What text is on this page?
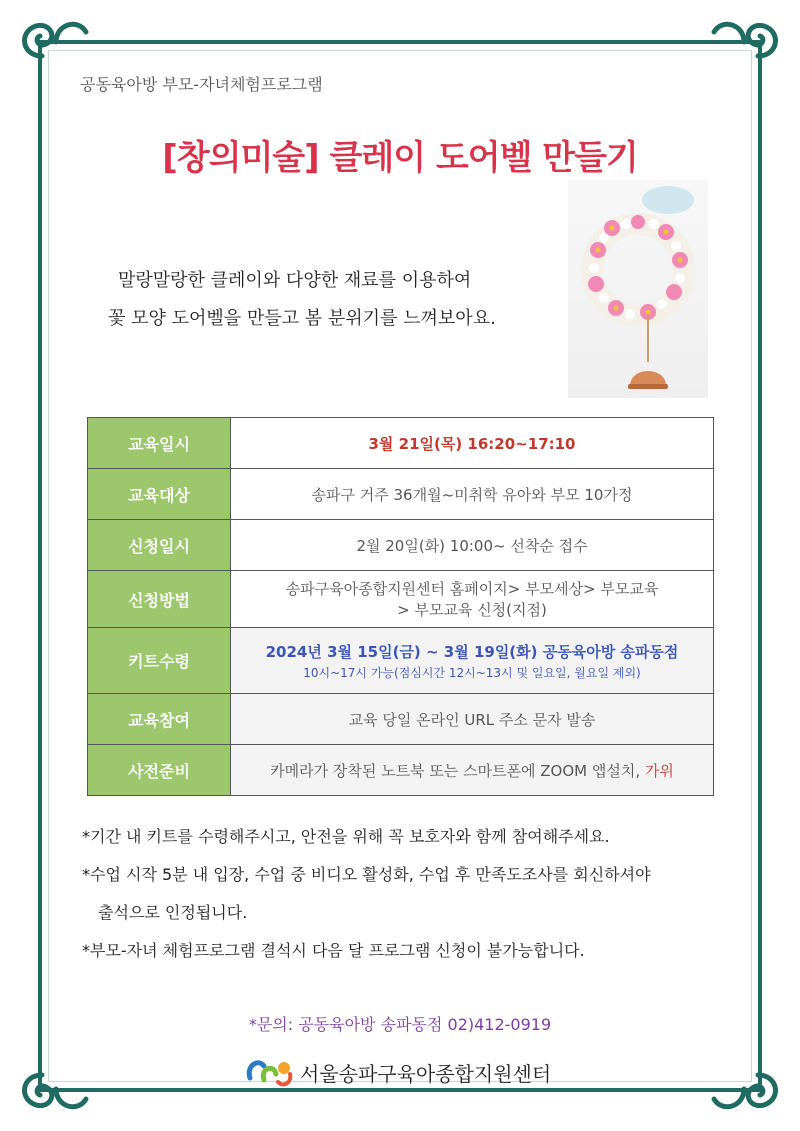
공동육아방 부모-자녀체험프로그램
[창의미술] 클레이 도어벨 만들기
말랑말랑한 클레이와 다양한 재료를 이용하여
꽃 모양 도어벨을 만들고 봄 분위기를 느껴보아요.
교육일시	3월 21일(목) 16:20~17:10
교육대상	송파구 거주 36개월~미취학 유아와 부모 10가정
신청일시	2월 20일(화) 10:00~ 선착순 접수
신청방법	송파구육아종합지원센터 홈페이지> 부모세상> 부모교육
> 부모교육 신청(지점)

키트수령	2024년 3월 15일(금) ~ 3월 19일(화) 공동육아방 송파동점
10시~17시 가능(점심시간 12시~13시 및 일요일, 월요일 제외)

교육참여	교육 당일 온라인 URL 주소 문자 발송
사전준비	카메라가 장착된 노트북 또는 스마트폰에 ZOOM 앱설치, 가위
*기간 내 키트를 수령해주시고, 안전을 위해 꼭 보호자와 함께 참여해주세요.
*수업 시작 5분 내 입장, 수업 중 비디오 활성화, 수업 후 만족도조사를 회신하셔야
출석으로 인정됩니다.
*부모-자녀 체험프로그램 결석시 다음 달 프로그램 신청이 불가능합니다.
*문의: 공동육아방 송파동점 02)412-0919
서울송파구육아종합지원센터
